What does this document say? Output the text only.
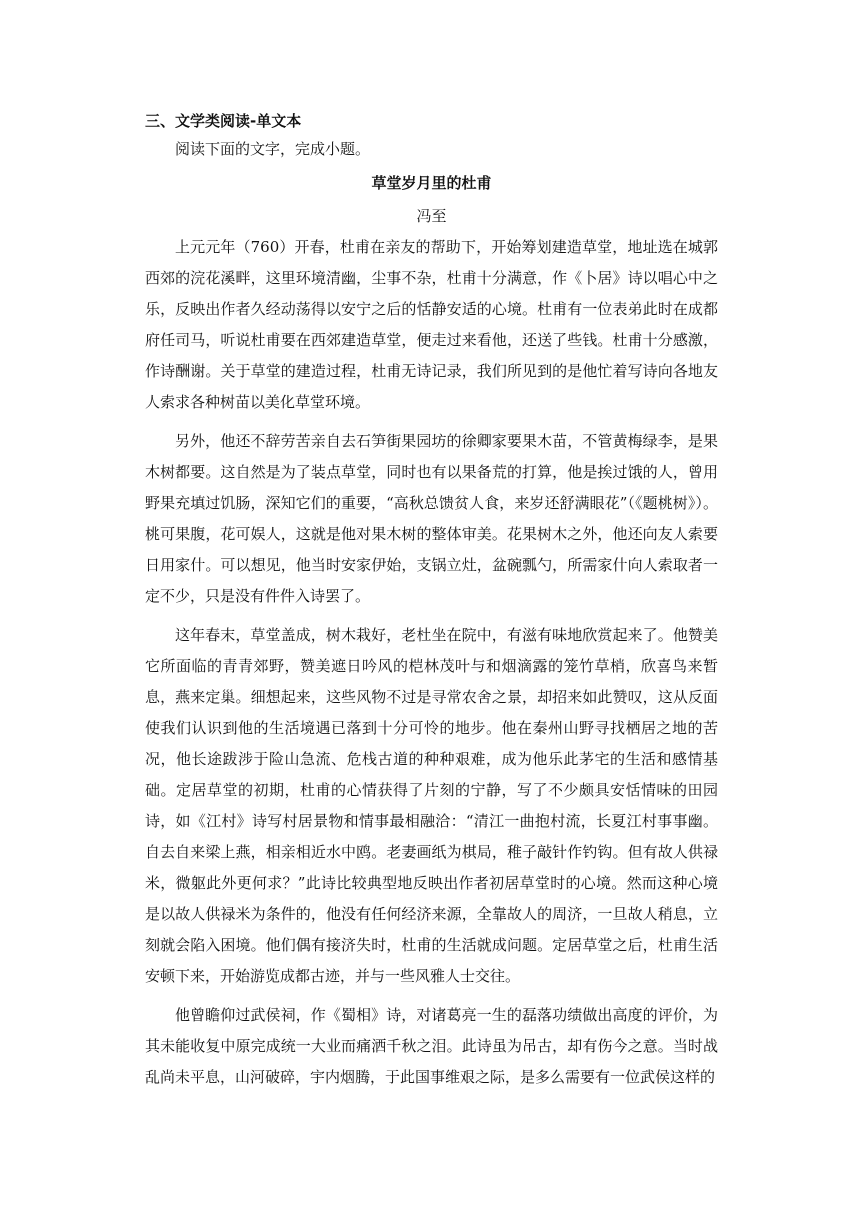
三、文学类阅读-单文本

阅读下面的文字，完成小题。

草堂岁月里的杜甫

冯至

上元元年（760）开春，杜甫在亲友的帮助下，开始筹划建造草堂，地址选在城郭西郊的浣花溪畔，这里环境清幽，尘事不杂，杜甫十分满意，作《卜居》诗以唱心中之乐，反映出作者久经动荡得以安宁之后的恬静安适的心境。杜甫有一位表弟此时在成都府任司马，听说杜甫要在西郊建造草堂，便走过来看他，还送了些钱。杜甫十分感激，作诗酬谢。关于草堂的建造过程，杜甫无诗记录，我们所见到的是他忙着写诗向各地友人索求各种树苗以美化草堂环境。

另外，他还不辞劳苦亲自去石笋街果园坊的徐卿家要果木苗，不管黄梅绿李，是果木树都要。这自然是为了装点草堂，同时也有以果备荒的打算，他是挨过饿的人，曾用野果充填过饥肠，深知它们的重要，“高秋总馈贫人食，来岁还舒满眼花”（《题桃树》）。桃可果腹，花可娱人，这就是他对果木树的整体审美。花果树木之外，他还向友人索要日用家什。可以想见，他当时安家伊始，支锅立灶，盆碗瓢勺，所需家什向人索取者一定不少，只是没有件件入诗罢了。

这年春末，草堂盖成，树木栽好，老杜坐在院中，有滋有味地欣赏起来了。他赞美它所面临的青青郊野，赞美遮日吟风的桤林茂叶与和烟滴露的笼竹草梢，欣喜鸟来暂息，燕来定巢。细想起来，这些风物不过是寻常农舍之景，却招来如此赞叹，这从反面使我们认识到他的生活境遇已落到十分可怜的地步。他在秦州山野寻找栖居之地的苦况，他长途跋涉于险山急流、危栈古道的种种艰难，成为他乐此茅宅的生活和感情基础。定居草堂的初期，杜甫的心情获得了片刻的宁静，写了不少颇具安恬情味的田园诗，如《江村》诗写村居景物和情事最相融洽：“清江一曲抱村流，长夏江村事事幽。自去自来梁上燕，相亲相近水中鸥。老妻画纸为棋局，稚子敲针作钓钩。但有故人供禄米，微躯此外更何求？”此诗比较典型地反映出作者初居草堂时的心境。然而这种心境是以故人供禄米为条件的，他没有任何经济来源，全靠故人的周济，一旦故人稍息，立刻就会陷入困境。他们偶有接济失时，杜甫的生活就成问题。定居草堂之后，杜甫生活安顿下来，开始游览成都古迹，并与一些风雅人士交往。

他曾瞻仰过武侯祠，作《蜀相》诗，对诸葛亮一生的磊落功绩做出高度的评价，为其未能收复中原完成统一大业而痛洒千秋之泪。此诗虽为吊古，却有伤今之意。当时战乱尚未平息，山河破碎，宇内烟腾，于此国事维艰之际，是多么需要有一位武侯这样的
